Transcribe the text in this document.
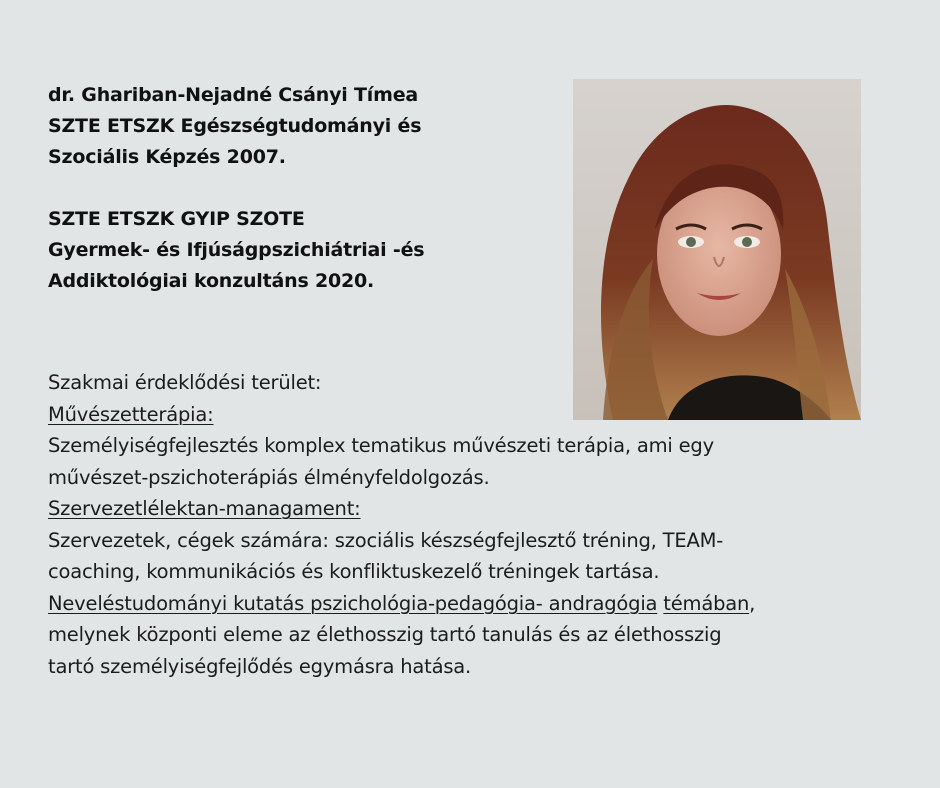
dr. Ghariban-Nejadné Csányi Tímea
SZTE ETSZK Egészségtudományi és
Szociális Képzés 2007.
SZTE ETSZK GYIP SZOTE
Gyermek- és Ifjúságpszichiátriai -és
Addiktológiai konzultáns 2020.
Szakmai érdeklődési terület:
Művészetterápia:
Személyiségfejlesztés komplex tematikus művészeti terápia, ami egy
művészet-pszichoterápiás élményfeldolgozás.
Szervezetlélektan-managament:
Szervezetek, cégek számára: szociális készségfejlesztő tréning, TEAM-
coaching, kommunikációs és konfliktuskezelő tréningek tartása.
Neveléstudományi kutatás pszichológia-pedagógia- andragógia témában,
melynek központi eleme az élethosszig tartó tanulás és az élethosszig
tartó személyiségfejlődés egymásra hatása.
